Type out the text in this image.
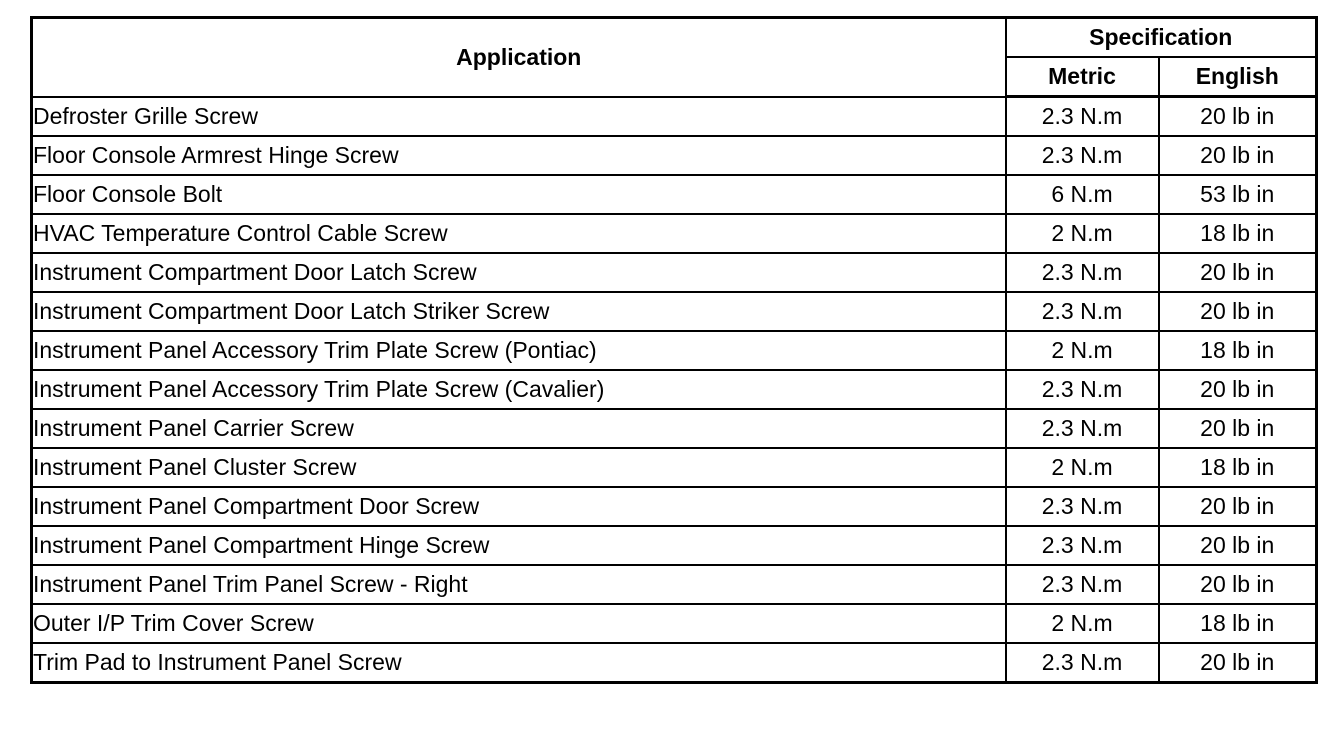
Application	Specification	
	Metric	English
Defroster Grille Screw	2.3 N.m	20 lb in
Floor Console Armrest Hinge Screw	2.3 N.m	20 lb in
Floor Console Bolt	6 N.m	53 lb in
HVAC Temperature Control Cable Screw	2 N.m	18 lb in
Instrument Compartment Door Latch Screw	2.3 N.m	20 lb in
Instrument Compartment Door Latch Striker Screw	2.3 N.m	20 lb in
Instrument Panel Accessory Trim Plate Screw (Pontiac)	2 N.m	18 lb in
Instrument Panel Accessory Trim Plate Screw (Cavalier)	2.3 N.m	20 lb in
Instrument Panel Carrier Screw	2.3 N.m	20 lb in
Instrument Panel Cluster Screw	2 N.m	18 lb in
Instrument Panel Compartment Door Screw	2.3 N.m	20 lb in
Instrument Panel Compartment Hinge Screw	2.3 N.m	20 lb in
Instrument Panel Trim Panel Screw - Right	2.3 N.m	20 lb in
Outer I/P Trim Cover Screw	2 N.m	18 lb in
Trim Pad to Instrument Panel Screw	2.3 N.m	20 lb in
